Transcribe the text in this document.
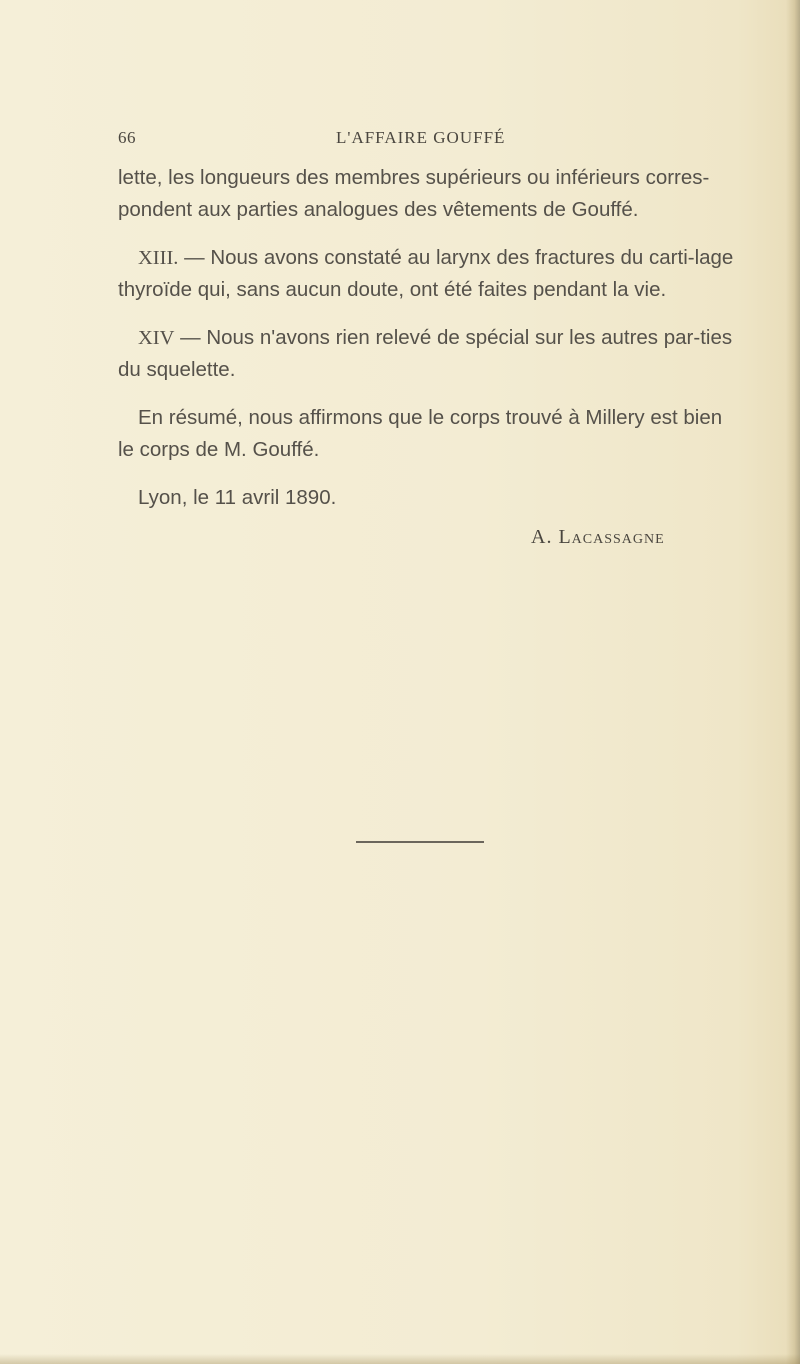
66	L'AFFAIRE GOUFFÉ

lette, les longueurs des membres supérieurs ou inférieurs corres-pondent aux parties analogues des vêtements de Gouffé.

XIII. — Nous avons constaté au larynx des fractures du carti-lage thyroïde qui, sans aucun doute, ont été faites pendant la vie.

XIV — Nous n'avons rien relevé de spécial sur les autres par-ties du squelette.

En résumé, nous affirmons que le corps trouvé à Millery est bien le corps de M. Gouffé.

Lyon, le 11 avril 1890.

A. Lacassagne
